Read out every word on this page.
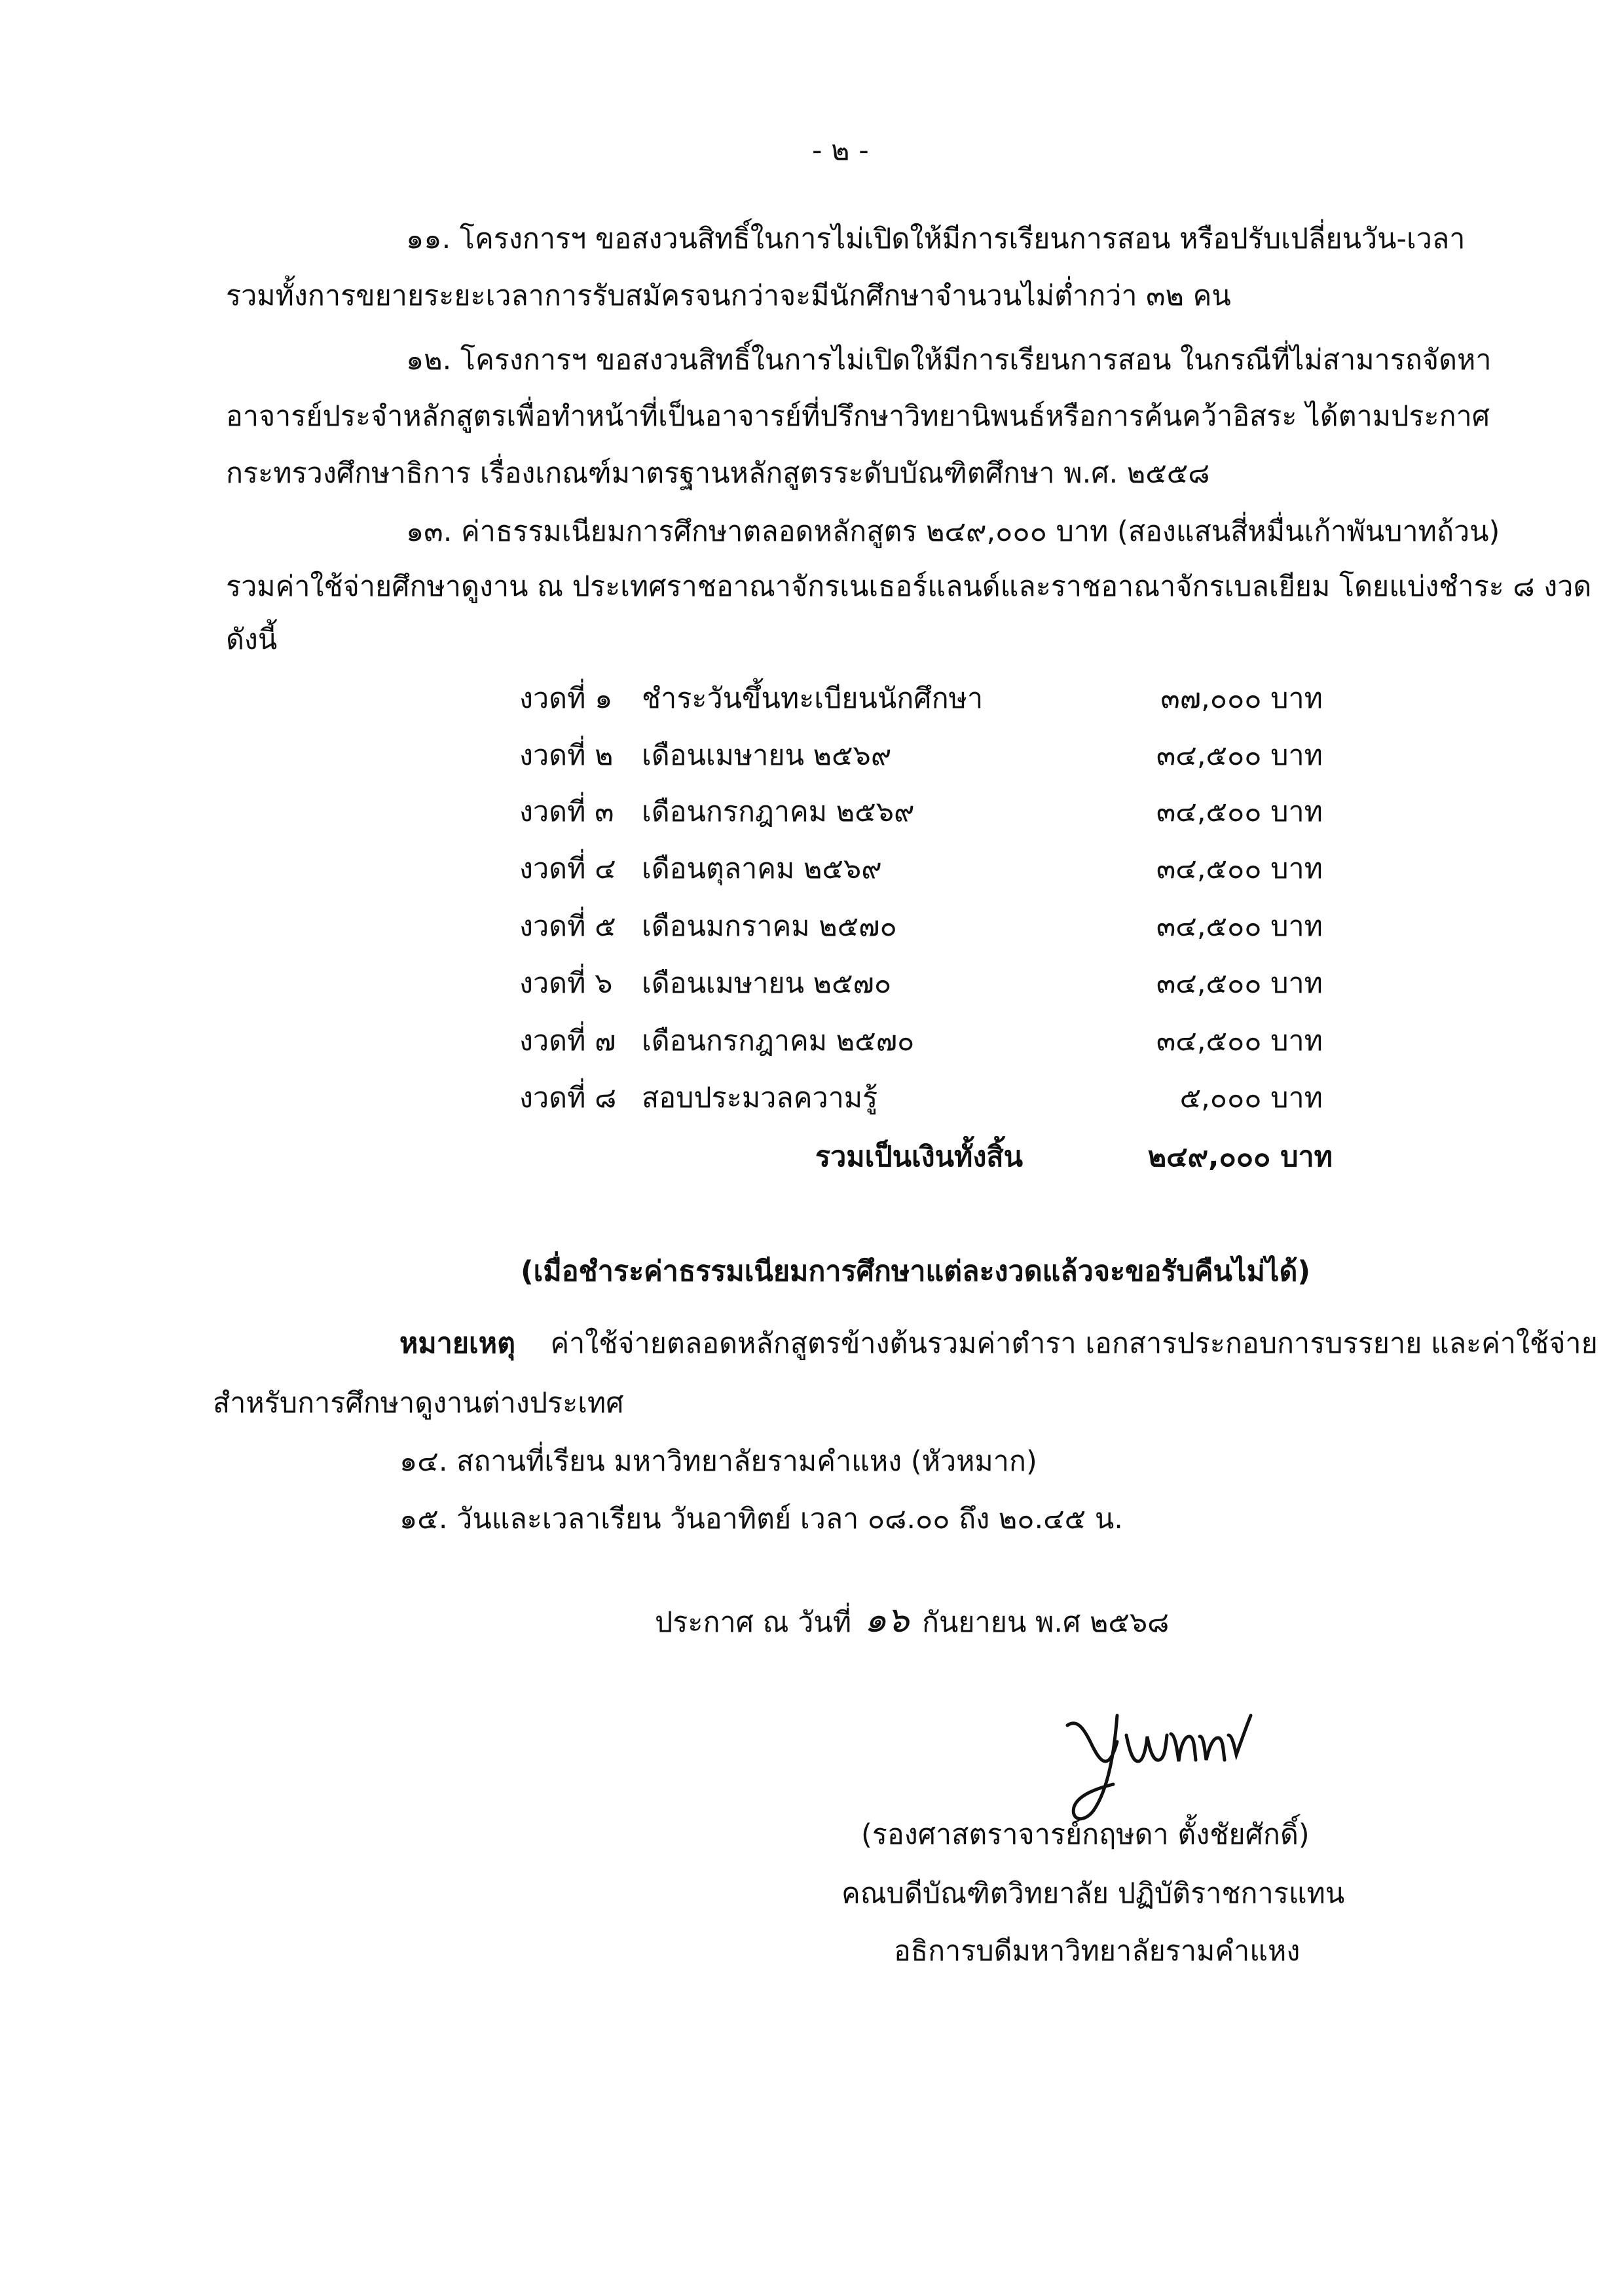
- ๒ -
๑๑. โครงการฯ ขอสงวนสิทธิ์ในการไม่เปิดให้มีการเรียนการสอน หรือปรับเปลี่ยนวัน-เวลา
รวมทั้งการขยายระยะเวลาการรับสมัครจนกว่าจะมีนักศึกษาจำนวนไม่ต่ำกว่า ๓๒ คน
๑๒. โครงการฯ ขอสงวนสิทธิ์ในการไม่เปิดให้มีการเรียนการสอน ในกรณีที่ไม่สามารถจัดหา
อาจารย์ประจำหลักสูตรเพื่อทำหน้าที่เป็นอาจารย์ที่ปรึกษาวิทยานิพนธ์หรือการค้นคว้าอิสระ ได้ตามประกาศ
กระทรวงศึกษาธิการ เรื่องเกณฑ์มาตรฐานหลักสูตรระดับบัณฑิตศึกษา พ.ศ. ๒๕๕๘
๑๓. ค่าธรรมเนียมการศึกษาตลอดหลักสูตร ๒๔๙,๐๐๐ บาท (สองแสนสี่หมื่นเก้าพันบาทถ้วน)
รวมค่าใช้จ่ายศึกษาดูงาน ณ ประเทศราชอาณาจักรเนเธอร์แลนด์และราชอาณาจักรเบลเยียม โดยแบ่งชำระ ๘ งวด
ดังนี้
งวดที่ ๑ ชำระวันขึ้นทะเบียนนักศึกษา	๓๗,๐๐๐ บาท
งวดที่ ๒ เดือนเมษายน ๒๕๖๙	๓๔,๕๐๐ บาท
งวดที่ ๓ เดือนกรกฎาคม ๒๕๖๙	๓๔,๕๐๐ บาท
งวดที่ ๔ เดือนตุลาคม ๒๕๖๙	๓๔,๕๐๐ บาท
งวดที่ ๕ เดือนมกราคม ๒๕๗๐	๓๔,๕๐๐ บาท
งวดที่ ๖ เดือนเมษายน ๒๕๗๐	๓๔,๕๐๐ บาท
งวดที่ ๗ เดือนกรกฎาคม ๒๕๗๐	๓๔,๕๐๐ บาท
งวดที่ ๘ สอบประมวลความรู้	๕,๐๐๐ บาท
รวมเป็นเงินทั้งสิ้น	๒๔๙,๐๐๐ บาท
(เมื่อชำระค่าธรรมเนียมการศึกษาแต่ละงวดแล้วจะขอรับคืนไม่ได้)
หมายเหตุ ค่าใช้จ่ายตลอดหลักสูตรข้างต้นรวมค่าตำรา เอกสารประกอบการบรรยาย และค่าใช้จ่าย
สำหรับการศึกษาดูงานต่างประเทศ
๑๔. สถานที่เรียน มหาวิทยาลัยรามคำแหง (หัวหมาก)
๑๕. วันและเวลาเรียน วันอาทิตย์ เวลา ๐๘.๐๐ ถึง ๒๐.๔๕ น.
ประกาศ ณ วันที่ ๑๖ กันยายน พ.ศ ๒๕๖๘
(รองศาสตราจารย์กฤษดา ตั้งชัยศักดิ์)
คณบดีบัณฑิตวิทยาลัย ปฏิบัติราชการแทน
อธิการบดีมหาวิทยาลัยรามคำแหง
